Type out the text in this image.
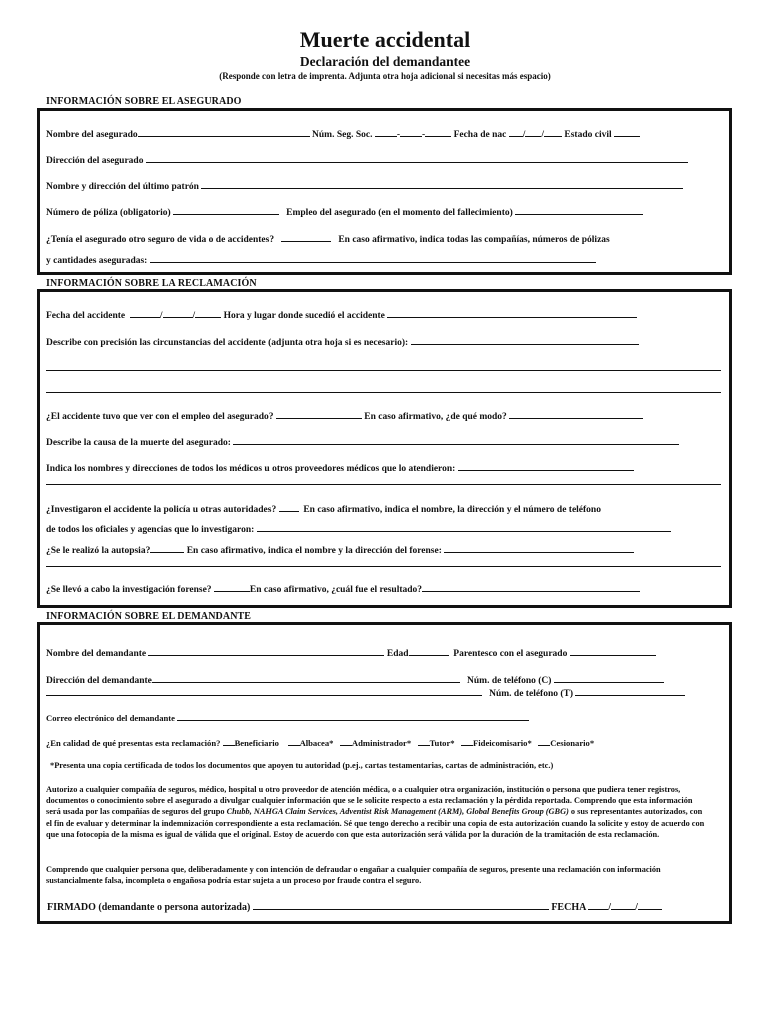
Muerte accidental
Declaración del demandantee
(Responde con letra de imprenta. Adjunta otra hoja adicional si necesitas más espacio)
INFORMACIÓN SOBRE EL ASEGURADO
Nombre del asegurado	Núm. Seg. Soc.	- -	Fecha de nac / / Estado civil
Dirección del asegurado
Nombre y dirección del último patrón
Número de póliza (obligatorio)	Empleo del asegurado (en el momento del fallecimiento)
¿Tenía el asegurado otro seguro de vida o de accidentes?	En caso afirmativo, indica todas las compañías, números de pólizas
y cantidades aseguradas:
INFORMACIÓN SOBRE LA RECLAMACIÓN
Fecha del accidente	/	/	Hora y lugar donde sucedió el accidente
Describe con precisión las circunstancias del accidente (adjunta otra hoja si es necesario):
¿El accidente tuvo que ver con el empleo del asegurado?	En caso afirmativo, ¿de qué modo?
Describe la causa de la muerte del asegurado:
Indica los nombres y direcciones de todos los médicos u otros proveedores médicos que lo atendieron:
¿Investigaron el accidente la policía u otras autoridades?	En caso afirmativo, indica el nombre, la dirección y el número de teléfono
de todos los oficiales y agencias que lo investigaron:
¿Se le realizó la autopsia?	En caso afirmativo, indica el nombre y la dirección del forense:
¿Se llevó a cabo la investigación forense?	En caso afirmativo, ¿cuál fue el resultado?
INFORMACIÓN SOBRE EL DEMANDANTE
Nombre del demandante	Edad	Parentesco con el asegurado
Dirección del demandante	Núm. de teléfono (C)
Núm. de teléfono (T)
Correo electrónico del demandante
¿En calidad de qué presentas esta reclamación? Beneficiario Albacea* Administrador* Tutor* Fideicomisario* Cesionario*
*Presenta una copia certificada de todos los documentos que apoyen tu autoridad (p.ej., cartas testamentarias, cartas de administración, etc.)
Autorizo a cualquier compañía de seguros, médico, hospital u otro proveedor de atención médica, o a cualquier otra organización, institución o persona que pudiera tener registros, documentos o conocimiento sobre el asegurado a divulgar cualquier información que se le solicite respecto a esta reclamación y la pérdida reportada. Comprendo que esta información será usada por las compañías de seguros del grupo Chubb, NAHGA Claim Services, Adventist Risk Management (ARM), Global Benefits Group (GBG) o sus representantes autorizados, con el fin de evaluar y determinar la indemnización correspondiente a esta reclamación. Sé que tengo derecho a recibir una copia de esta autorización cuando la solicite y estoy de acuerdo con que una fotocopia de la misma es igual de válida que el original. Estoy de acuerdo con que esta autorización será válida por la duración de la tramitación de esta reclamación.
Comprendo que cualquier persona que, deliberadamente y con intención de defraudar o engañar a cualquier compañía de seguros, presente una reclamación con información sustancialmente falsa, incompleta o engañosa podría estar sujeta a un proceso por fraude contra el seguro.
FIRMADO (demandante o persona autorizada)	FECHA / /
